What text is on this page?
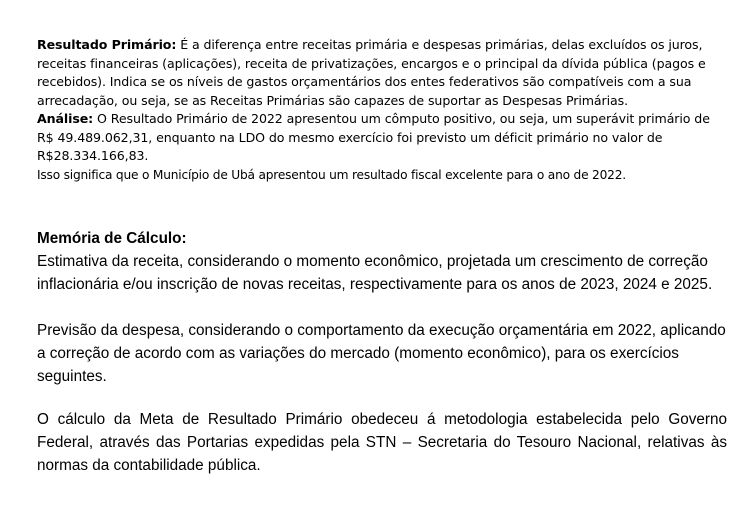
Resultado Primário: É a diferença entre receitas primária e despesas primárias, delas excluídos os juros, receitas financeiras (aplicações), receita de privatizações, encargos e o principal da dívida pública (pagos e recebidos). Indica se os níveis de gastos orçamentários dos entes federativos são compatíveis com a sua arrecadação, ou seja, se as Receitas Primárias são capazes de suportar as Despesas Primárias.

Análise: O Resultado Primário de 2022 apresentou um cômputo positivo, ou seja, um superávit primário de R$ 49.489.062,31, enquanto na LDO do mesmo exercício foi previsto um déficit primário no valor de R$28.334.166,83.

Isso significa que o Município de Ubá apresentou um resultado fiscal excelente para o ano de 2022.

Memória de Cálculo:

Estimativa da receita, considerando o momento econômico, projetada um crescimento de correção inflacionária e/ou inscrição de novas receitas, respectivamente para os anos de 2023, 2024 e 2025.

Previsão da despesa, considerando o comportamento da execução orçamentária em 2022, aplicando a correção de acordo com as variações do mercado (momento econômico), para os exercícios seguintes.

O cálculo da Meta de Resultado Primário obedeceu á metodologia estabelecida pelo Governo Federal, através das Portarias expedidas pela STN – Secretaria do Tesouro Nacional, relativas às normas da contabilidade pública.
